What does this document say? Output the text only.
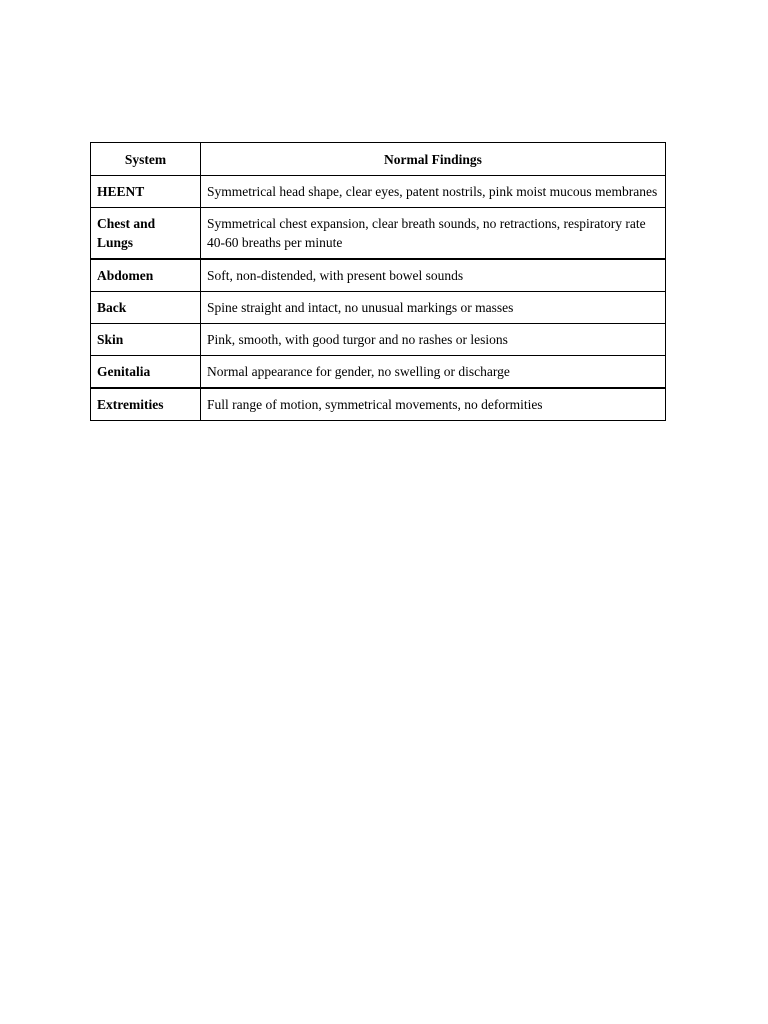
System	Normal Findings
HEENT	Symmetrical head shape, clear eyes, patent nostrils, pink moist mucous membranes
Chest and Lungs	Symmetrical chest expansion, clear breath sounds, no retractions, respiratory rate 40-60 breaths per minute
Abdomen	Soft, non-distended, with present bowel sounds
Back	Spine straight and intact, no unusual markings or masses
Skin	Pink, smooth, with good turgor and no rashes or lesions
Genitalia	Normal appearance for gender, no swelling or discharge
Extremities	Full range of motion, symmetrical movements, no deformities
